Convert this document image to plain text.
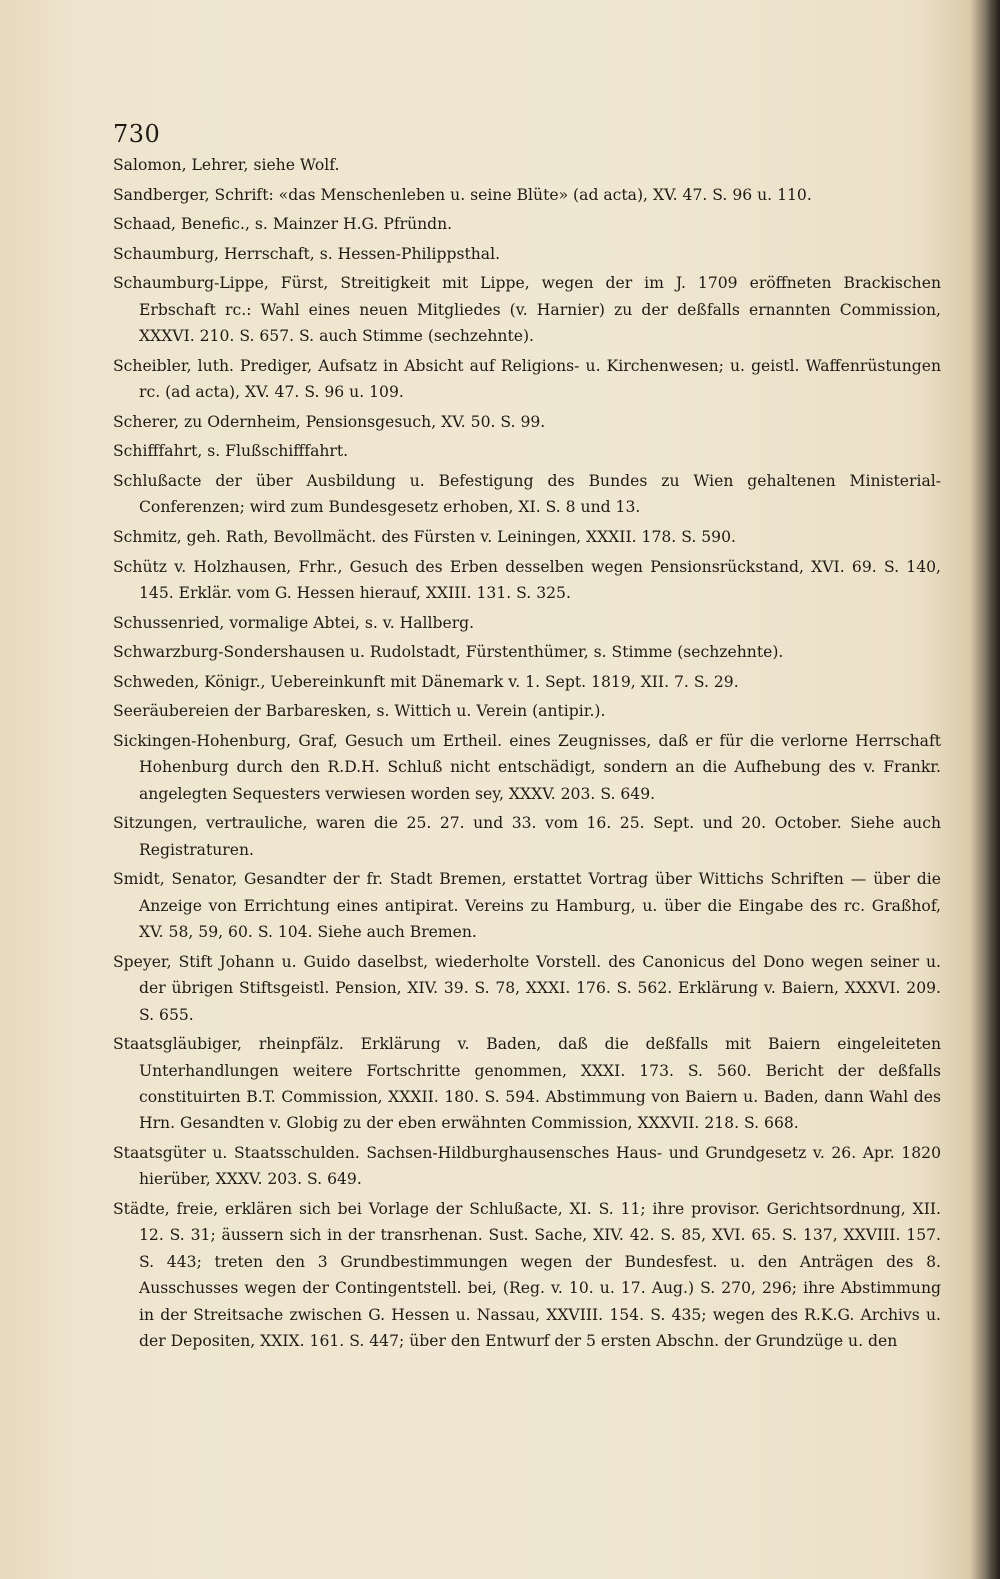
730

Salomon, Lehrer, siehe Wolf.

Sandberger, Schrift: «das Menschenleben u. seine Blüte» (ad acta), XV. 47. S. 96 u. 110.

Schaad, Benefic., s. Mainzer H.G. Pfründn.

Schaumburg, Herrschaft, s. Hessen-Philippsthal.

Schaumburg-Lippe, Fürst, Streitigkeit mit Lippe, wegen der im J. 1709 eröffneten Brackischen Erbschaft rc.: Wahl eines neuen Mitgliedes (v. Harnier) zu der deßfalls ernannten Commission, XXXVI. 210. S. 657. S. auch Stimme (sechzehnte).

Scheibler, luth. Prediger, Aufsatz in Absicht auf Religions- u. Kirchenwesen; u. geistl. Waffenrüstungen rc. (ad acta), XV. 47. S. 96 u. 109.

Scherer, zu Odernheim, Pensionsgesuch, XV. 50. S. 99.

Schifffahrt, s. Flußschifffahrt.

Schlußacte der über Ausbildung u. Befestigung des Bundes zu Wien gehaltenen Ministerial-Conferenzen; wird zum Bundesgesetz erhoben, XI. S. 8 und 13.

Schmitz, geh. Rath, Bevollmächt. des Fürsten v. Leiningen, XXXII. 178. S. 590.

Schütz v. Holzhausen, Frhr., Gesuch des Erben desselben wegen Pensionsrückstand, XVI. 69. S. 140, 145. Erklär. vom G. Hessen hierauf, XXIII. 131. S. 325.

Schussenried, vormalige Abtei, s. v. Hallberg.

Schwarzburg-Sondershausen u. Rudolstadt, Fürstenthümer, s. Stimme (sechzehnte).

Schweden, Königr., Uebereinkunft mit Dänemark v. 1. Sept. 1819, XII. 7. S. 29.

Seeräubereien der Barbaresken, s. Wittich u. Verein (antipir.).

Sickingen-Hohenburg, Graf, Gesuch um Ertheil. eines Zeugnisses, daß er für die verlorne Herrschaft Hohenburg durch den R.D.H. Schluß nicht entschädigt, sondern an die Aufhebung des v. Frankr. angelegten Sequesters verwiesen worden sey, XXXV. 203. S. 649.

Sitzungen, vertrauliche, waren die 25. 27. und 33. vom 16. 25. Sept. und 20. October. Siehe auch Registraturen.

Smidt, Senator, Gesandter der fr. Stadt Bremen, erstattet Vortrag über Wittichs Schriften — über die Anzeige von Errichtung eines antipirat. Vereins zu Hamburg, u. über die Eingabe des rc. Graßhof, XV. 58, 59, 60. S. 104. Siehe auch Bremen.

Speyer, Stift Johann u. Guido daselbst, wiederholte Vorstell. des Canonicus del Dono wegen seiner u. der übrigen Stiftsgeistl. Pension, XIV. 39. S. 78, XXXI. 176. S. 562. Erklärung v. Baiern, XXXVI. 209. S. 655.

Staatsgläubiger, rheinpfälz. Erklärung v. Baden, daß die deßfalls mit Baiern eingeleiteten Unterhandlungen weitere Fortschritte genommen, XXXI. 173. S. 560. Bericht der deßfalls constituirten B.T. Commission, XXXII. 180. S. 594. Abstimmung von Baiern u. Baden, dann Wahl des Hrn. Gesandten v. Globig zu der eben erwähnten Commission, XXXVII. 218. S. 668.

Staatsgüter u. Staatsschulden. Sachsen-Hildburghausensches Haus- und Grundgesetz v. 26. Apr. 1820 hierüber, XXXV. 203. S. 649.

Städte, freie, erklären sich bei Vorlage der Schlußacte, XI. S. 11; ihre provisor. Gerichtsordnung, XII. 12. S. 31; äussern sich in der transrhenan. Sust. Sache, XIV. 42. S. 85, XVI. 65. S. 137, XXVIII. 157. S. 443; treten den 3 Grundbestimmungen wegen der Bundesfest. u. den Anträgen des 8. Ausschusses wegen der Contingentstell. bei, (Reg. v. 10. u. 17. Aug.) S. 270, 296; ihre Abstimmung in der Streitsache zwischen G. Hessen u. Nassau, XXVIII. 154. S. 435; wegen des R.K.G. Archivs u. der Depositen, XXIX. 161. S. 447; über den Entwurf der 5 ersten Abschn. der Grundzüge u. den
